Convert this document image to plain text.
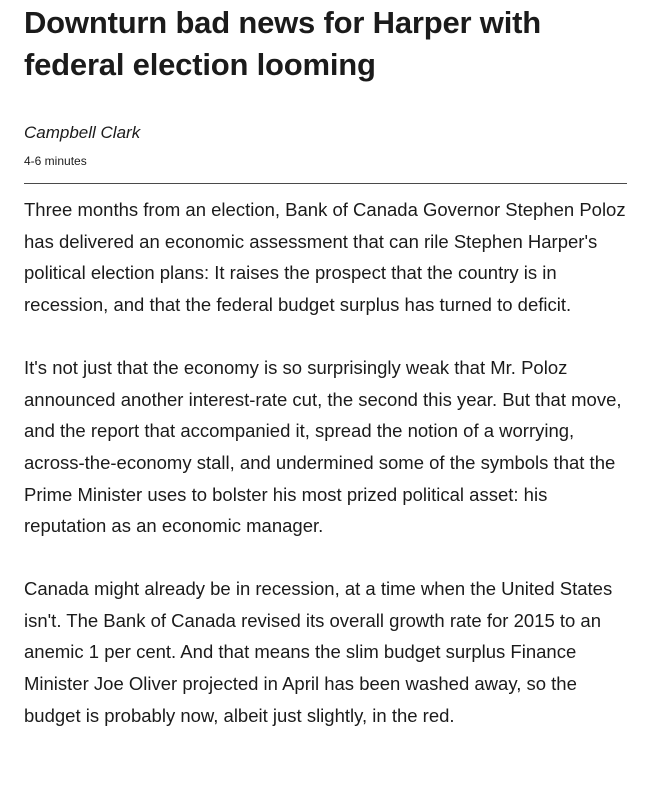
Downturn bad news for Harper with federal election looming
Campbell Clark
4-6 minutes

Three months from an election, Bank of Canada Governor Stephen Poloz has delivered an economic assessment that can rile Stephen Harper's political election plans: It raises the prospect that the country is in recession, and that the federal budget surplus has turned to deficit.

It's not just that the economy is so surprisingly weak that Mr. Poloz announced another interest-rate cut, the second this year. But that move, and the report that accompanied it, spread the notion of a worrying, across-the-economy stall, and undermined some of the symbols that the Prime Minister uses to bolster his most prized political asset: his reputation as an economic manager.

Canada might already be in recession, at a time when the United States isn't. The Bank of Canada revised its overall growth rate for 2015 to an anemic 1 per cent. And that means the slim budget surplus Finance Minister Joe Oliver projected in April has been washed away, so the budget is probably now, albeit just slightly, in the red.
